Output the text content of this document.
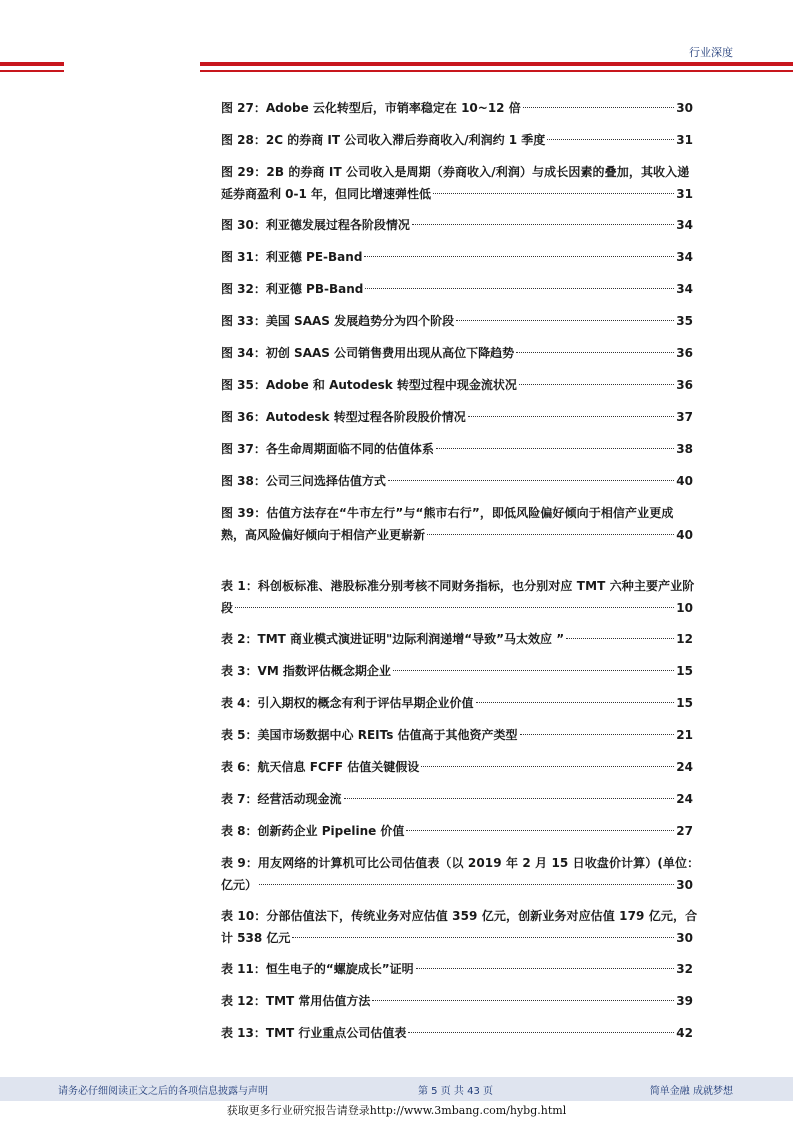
行业深度
图 27：Adobe 云化转型后，市销率稳定在 10~12 倍	30
图 28：2C 的券商 IT 公司收入滞后券商收入/利润约 1 季度	31
图 29：2B 的券商 IT 公司收入是周期（券商收入/利润）与成长因素的叠加，其收入递
延券商盈利 0-1 年，但同比增速弹性低	31
图 30：利亚德发展过程各阶段情况	34
图 31：利亚德 PE-Band	34
图 32：利亚德 PB-Band	34
图 33：美国 SAAS 发展趋势分为四个阶段	35
图 34：初创 SAAS 公司销售费用出现从高位下降趋势	36
图 35：Adobe 和 Autodesk 转型过程中现金流状况	36
图 36：Autodesk 转型过程各阶段股价情况	37
图 37：各生命周期面临不同的估值体系	38
图 38：公司三问选择估值方式	40
图 39：估值方法存在“牛市左行”与“熊市右行”，即低风险偏好倾向于相信产业更成
熟，高风险偏好倾向于相信产业更崭新	40
表 1：科创板标准、港股标准分别考核不同财务指标，也分别对应 TMT 六种主要产业阶
段	10
表 2：TMT 商业模式演进证明"边际利润递增“导致”马太效应 ”	12
表 3：VM 指数评估概念期企业	15
表 4：引入期权的概念有利于评估早期企业价值	15
表 5：美国市场数据中心 REITs 估值高于其他资产类型	21
表 6：航天信息 FCFF 估值关键假设	24
表 7：经营活动现金流	24
表 8：创新药企业 Pipeline 价值	27
表 9：用友网络的计算机可比公司估值表（以 2019 年 2 月 15 日收盘价计算）(单位：
亿元）	30
表 10：分部估值法下，传统业务对应估值 359 亿元，创新业务对应估值 179 亿元，合
计 538 亿元	30
表 11：恒生电子的“螺旋成长”证明	32
表 12：TMT 常用估值方法	39
表 13：TMT 行业重点公司估值表	42
请务必仔细阅读正文之后的各项信息披露与声明	第 5 页 共 43 页	简单金融 成就梦想
获取更多行业研究报告请登录http://www.3mbang.com/hybg.html
